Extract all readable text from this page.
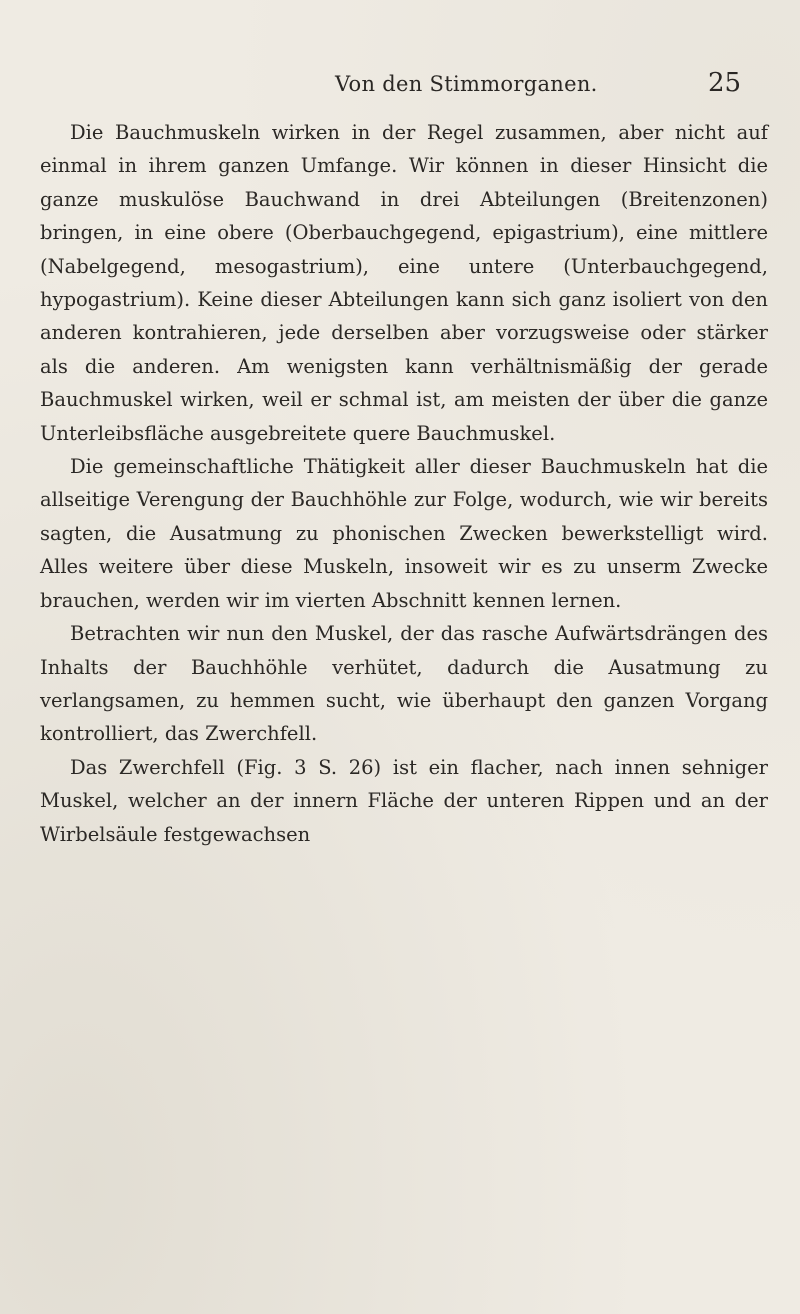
Von den Stimmorganen.	25

Die Bauchmuskeln wirken in der Regel zusammen, aber nicht auf einmal in ihrem ganzen Umfange. Wir können in dieser Hinsicht die ganze muskulöse Bauchwand in drei Abteilungen (Breitenzonen) bringen, in eine obere (Oberbauchgegend, epigastrium), eine mittlere (Nabelgegend, mesogastrium), eine untere (Unterbauchgegend, hypogastrium). Keine dieser Abteilungen kann sich ganz isoliert von den anderen kontrahieren, jede derselben aber vorzugsweise oder stärker als die anderen. Am wenigsten kann verhältnismäßig der gerade Bauchmuskel wirken, weil er schmal ist, am meisten der über die ganze Unterleibsfläche ausgebreitete quere Bauchmuskel.

Die gemeinschaftliche Thätigkeit aller dieser Bauchmuskeln hat die allseitige Verengung der Bauchhöhle zur Folge, wodurch, wie wir bereits sagten, die Ausatmung zu phonischen Zwecken bewerkstelligt wird. Alles weitere über diese Muskeln, insoweit wir es zu unserm Zwecke brauchen, werden wir im vierten Abschnitt kennen lernen.

Betrachten wir nun den Muskel, der das rasche Aufwärtsdrängen des Inhalts der Bauchhöhle verhütet, dadurch die Ausatmung zu verlangsamen, zu hemmen sucht, wie überhaupt den ganzen Vorgang kontrolliert, das Zwerchfell.

Das Zwerchfell (Fig. 3 S. 26) ist ein flacher, nach innen sehniger Muskel, welcher an der innern Fläche der unteren Rippen und an der Wirbelsäule festgewachsen
